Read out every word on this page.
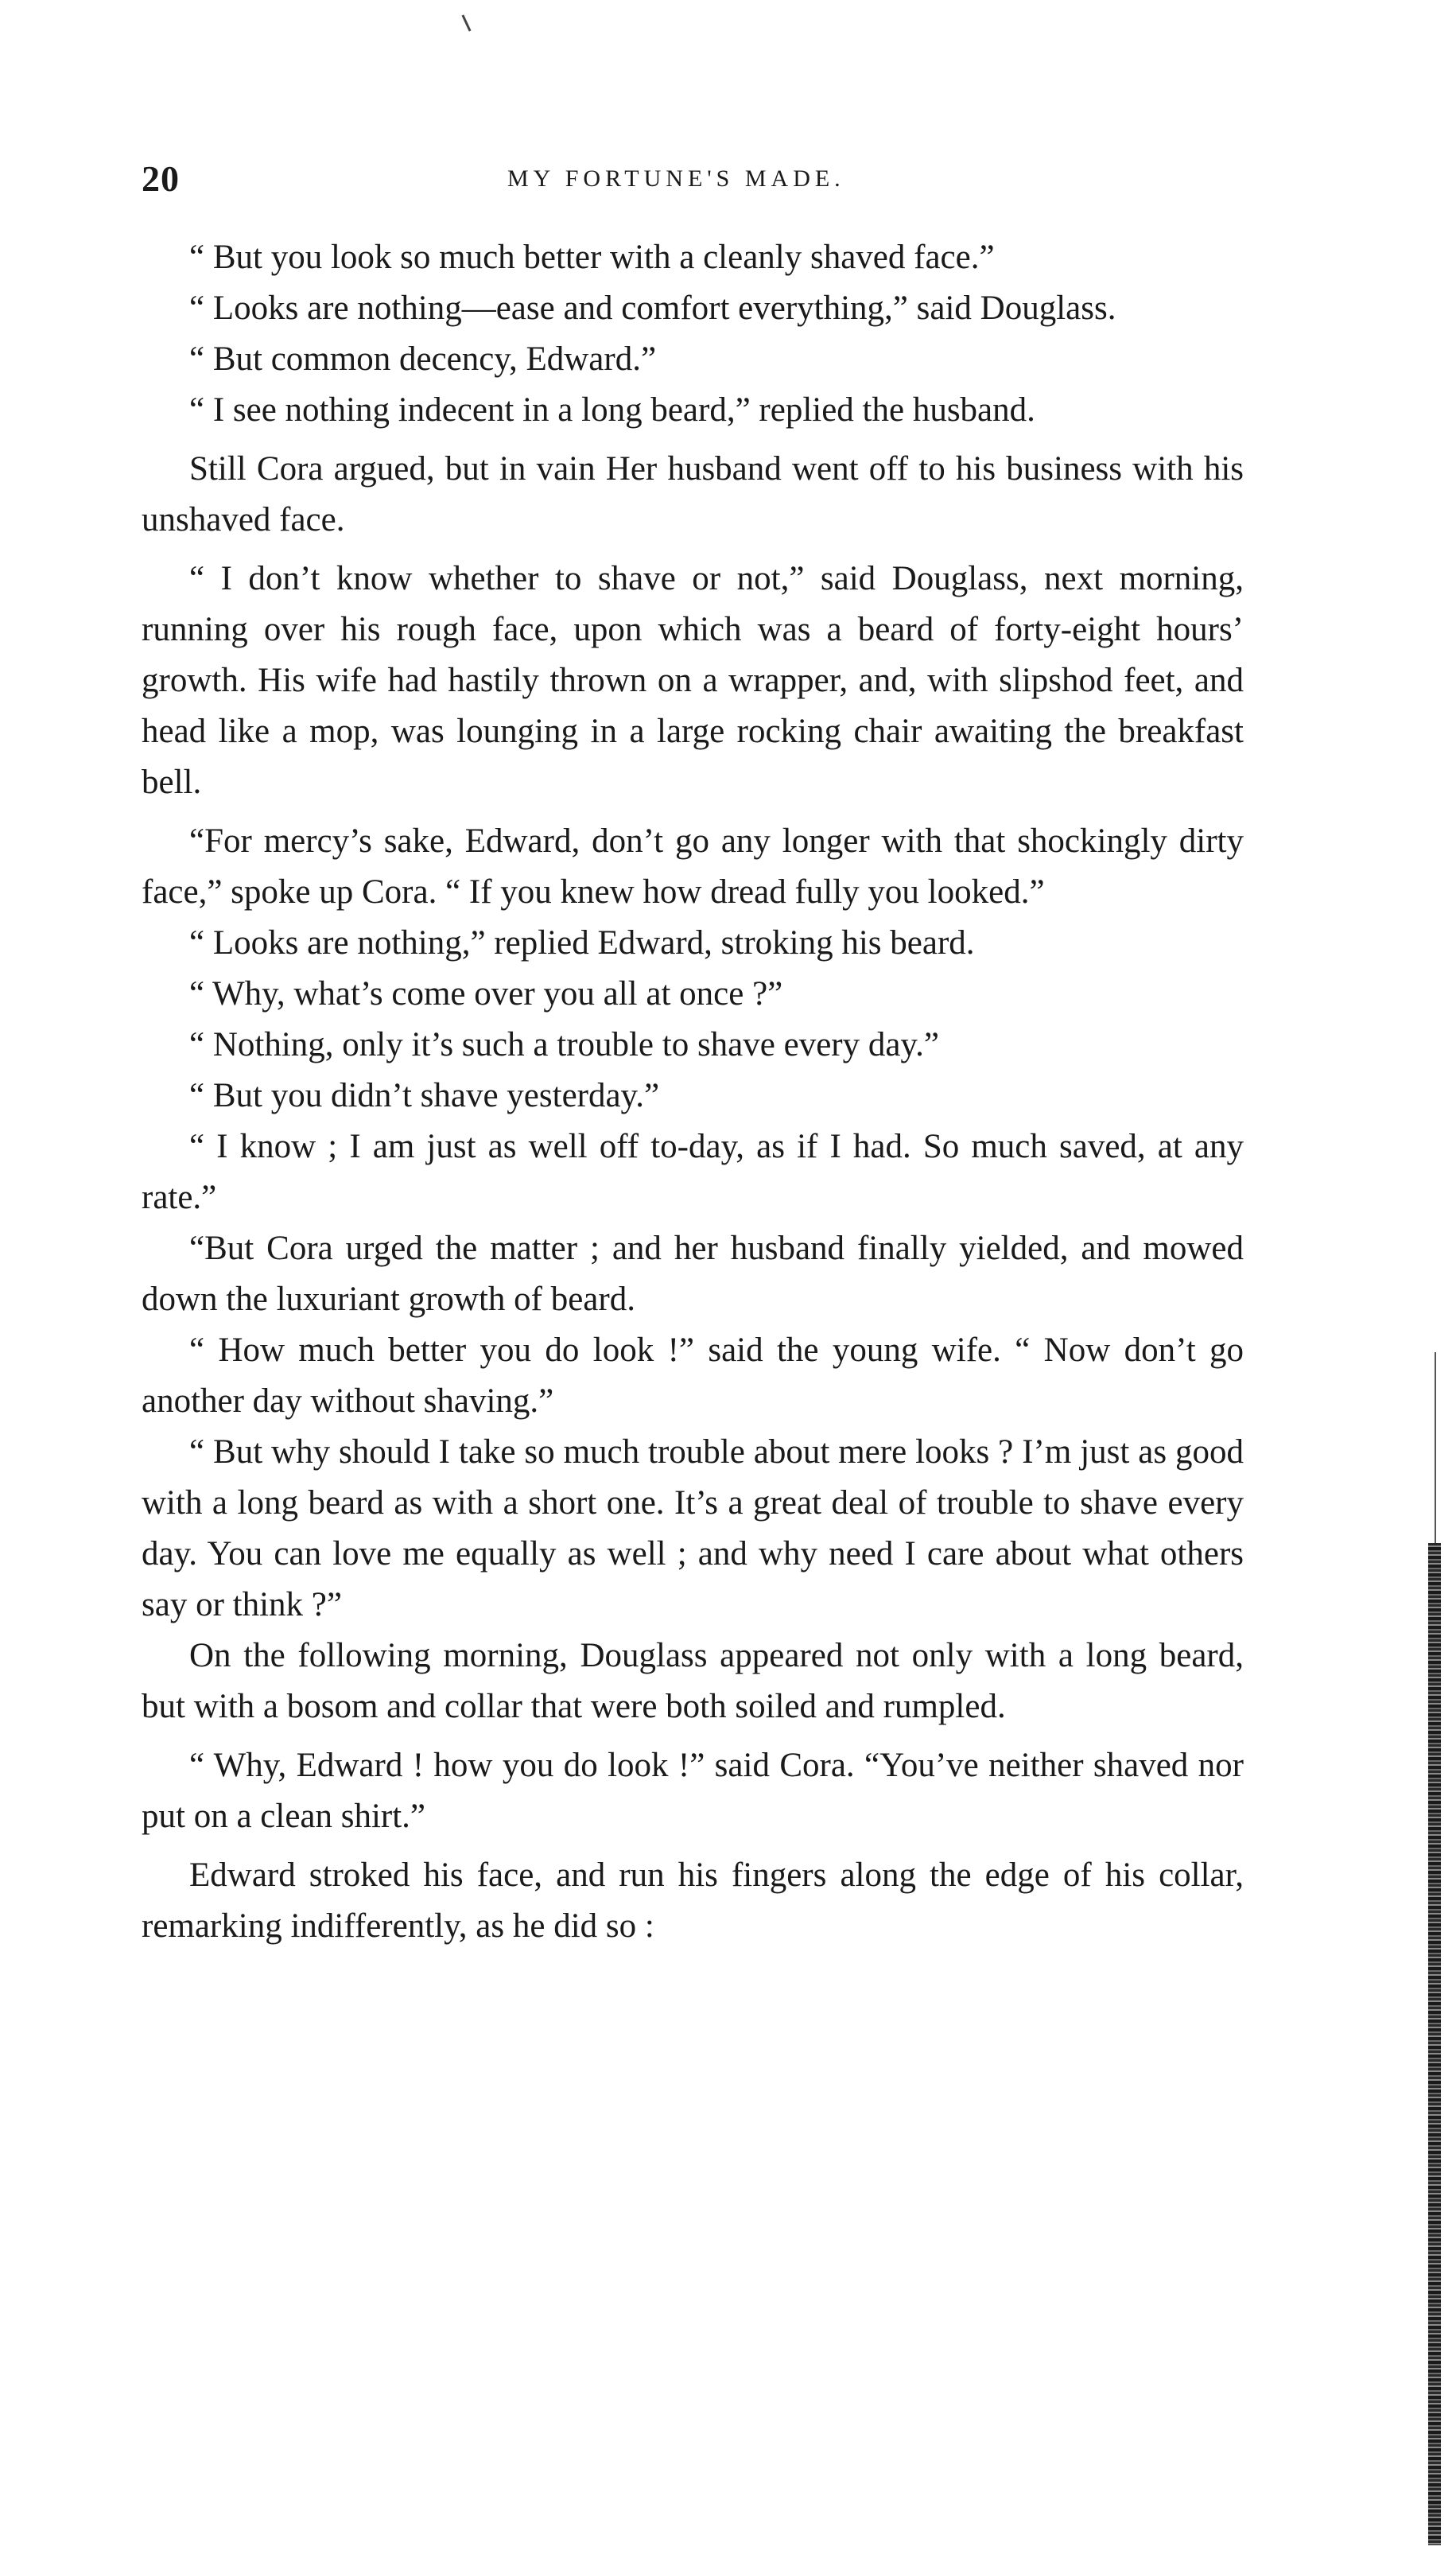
20	MY FORTUNE'S MADE.

“ But you look so much better with a cleanly shaved face.”

“ Looks are nothing—ease and comfort everything,” said Douglass.

“ But common decency, Edward.”

“ I see nothing indecent in a long beard,” replied the husband.

Still Cora argued, but in vain Her husband went off to his business with his unshaved face.

“ I don’t know whether to shave or not,” said Douglass, next morning, running over his rough face, upon which was a beard of forty-eight hours’ growth. His wife had hastily thrown on a wrapper, and, with slipshod feet, and head like a mop, was lounging in a large rocking chair awaiting the breakfast bell.

“For mercy’s sake, Edward, don’t go any longer with that shockingly dirty face,” spoke up Cora. “ If you knew how dread fully you looked.”

“ Looks are nothing,” replied Edward, stroking his beard.

“ Why, what’s come over you all at once ?”

“ Nothing, only it’s such a trouble to shave every day.”

“ But you didn’t shave yesterday.”

“ I know ; I am just as well off to-day, as if I had. So much saved, at any rate.”

“But Cora urged the matter ; and her husband finally yielded, and mowed down the luxuriant growth of beard.

“ How much better you do look !” said the young wife. “ Now don’t go another day without shaving.”

“ But why should I take so much trouble about mere looks ? I’m just as good with a long beard as with a short one. It’s a great deal of trouble to shave every day. You can love me equally as well ; and why need I care about what others say or think ?”

On the following morning, Douglass appeared not only with a long beard, but with a bosom and collar that were both soiled and rumpled.

“ Why, Edward ! how you do look !” said Cora. “You’ve neither shaved nor put on a clean shirt.”

Edward stroked his face, and run his fingers along the edge of his collar, remarking indifferently, as he did so :
